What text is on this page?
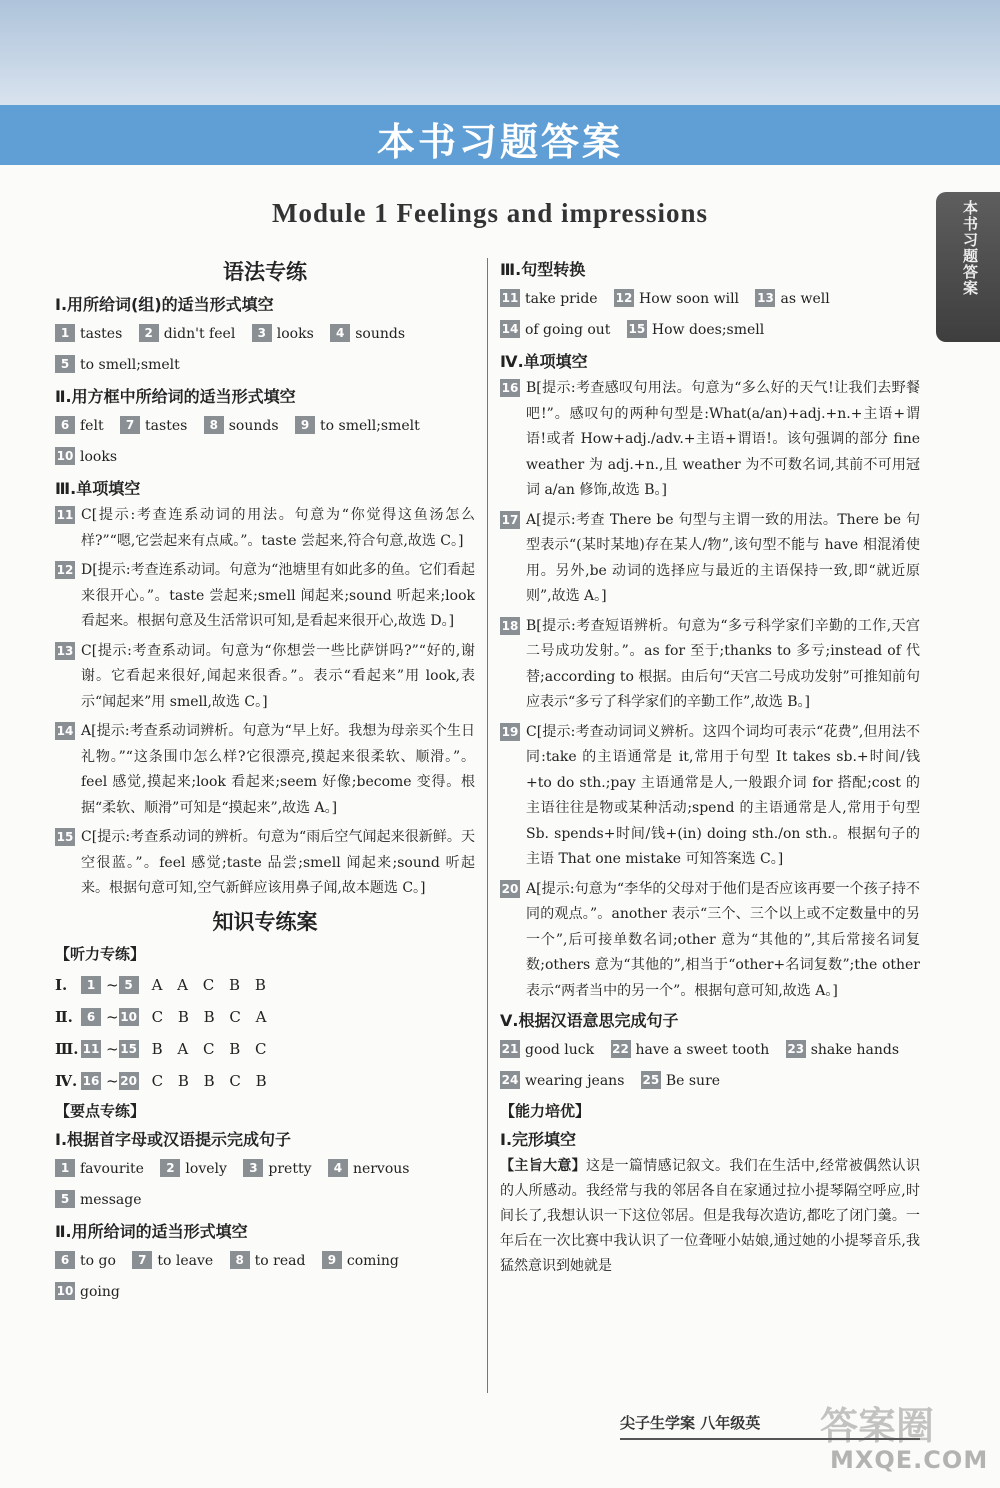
本书习题答案
本书习题答案
Module 1 Feelings and impressions
语法专练
Ⅰ.用所给词(组)的适当形式填空
1 tastes 2 didn't feel 3 looks 4 sounds 5 to smell;smelt
Ⅱ.用方框中所给词的适当形式填空
6 felt 7 tastes 8 sounds 9 to smell;smelt 10 looks
Ⅲ.单项填空
11 C[提示:考查连系动词的用法。句意为“你觉得这鱼汤怎么样?”“嗯,它尝起来有点咸。”。taste 尝起来,符合句意,故选 C。]
12 D[提示:考查连系动词。句意为“池塘里有如此多的鱼。它们看起来很开心。”。taste 尝起来;smell 闻起来;sound 听起来;look 看起来。根据句意及生活常识可知,是看起来很开心,故选 D。]
13 C[提示:考查系动词。句意为“你想尝一些比萨饼吗?”“好的,谢谢。它看起来很好,闻起来很香。”。表示“看起来”用 look,表示“闻起来”用 smell,故选 C。]
14 A[提示:考查系动词辨析。句意为“早上好。我想为母亲买个生日礼物。”“这条围巾怎么样?它很漂亮,摸起来很柔软、顺滑。”。feel 感觉,摸起来;look 看起来;seem 好像;become 变得。根据“柔软、顺滑”可知是“摸起来”,故选 A。]
15 C[提示:考查系动词的辨析。句意为“雨后空气闻起来很新鲜。天空很蓝。”。feel 感觉;taste 品尝;smell 闻起来;sound 听起来。根据句意可知,空气新鲜应该用鼻子闻,故本题选 C。]
知识专练案
【听力专练】
Ⅰ. 1 ~ 5 A A C B B
Ⅱ. 6 ~ 10 C B B C A
Ⅲ. 11 ~ 15 B A C B C
Ⅳ. 16 ~ 20 C B B C B
【要点专练】
Ⅰ.根据首字母或汉语提示完成句子
1 favourite 2 lovely 3 pretty 4 nervous 5 message
Ⅱ.用所给词的适当形式填空
6 to go 7 to leave 8 to read 9 coming 10 going
Ⅲ.句型转换
11 take pride 12 How soon will 13 as well 14 of going out 15 How does;smell
Ⅳ.单项填空
16 B[提示:考查感叹句用法。句意为“多么好的天气!让我们去野餐吧!”。感叹句的两种句型是:What(a/an)+adj.+n.+主语+谓语!或者 How+adj./adv.+主语+谓语!。该句强调的部分 fine weather 为 adj.+n.,且 weather 为不可数名词,其前不可用冠词 a/an 修饰,故选 B。]
17 A[提示:考查 There be 句型与主谓一致的用法。There be 句型表示“(某时某地)存在某人/物”,该句型不能与 have 相混淆使用。另外,be 动词的选择应与最近的主语保持一致,即“就近原则”,故选 A。]
18 B[提示:考查短语辨析。句意为“多亏科学家们辛勤的工作,天宫二号成功发射。”。as for 至于;thanks to 多亏;instead of 代替;according to 根据。由后句“天宫二号成功发射”可推知前句应表示“多亏了科学家们的辛勤工作”,故选 B。]
19 C[提示:考查动词词义辨析。这四个词均可表示“花费”,但用法不同:take 的主语通常是 it,常用于句型 It takes sb.+时间/钱+to do sth.;pay 主语通常是人,一般跟介词 for 搭配;cost 的主语往往是物或某种活动;spend 的主语通常是人,常用于句型 Sb. spends+时间/钱+(in) doing sth./on sth.。根据句子的主语 That one mistake 可知答案选 C。]
20 A[提示:句意为“李华的父母对于他们是否应该再要一个孩子持不同的观点。”。another 表示“三个、三个以上或不定数量中的另一个”,后可接单数名词;other 意为“其他的”,其后常接名词复数;others 意为“其他的”,相当于“other+名词复数”;the other 表示“两者当中的另一个”。根据句意可知,故选 A。]
Ⅴ.根据汉语意思完成句子
21 good luck 22 have a sweet tooth 23 shake hands 24 wearing jeans 25 Be sure
【能力培优】
Ⅰ.完形填空
【主旨大意】这是一篇情感记叙文。我们在生活中,经常被偶然认识的人所感动。我经常与我的邻居各自在家通过拉小提琴隔空呼应,时间长了,我想认识一下这位邻居。但是我每次造访,都吃了闭门羹。一年后在一次比赛中我认识了一位聋哑小姑娘,通过她的小提琴音乐,我猛然意识到她就是
尖子生学案 八年级英 答案圈
MXQE.COM
